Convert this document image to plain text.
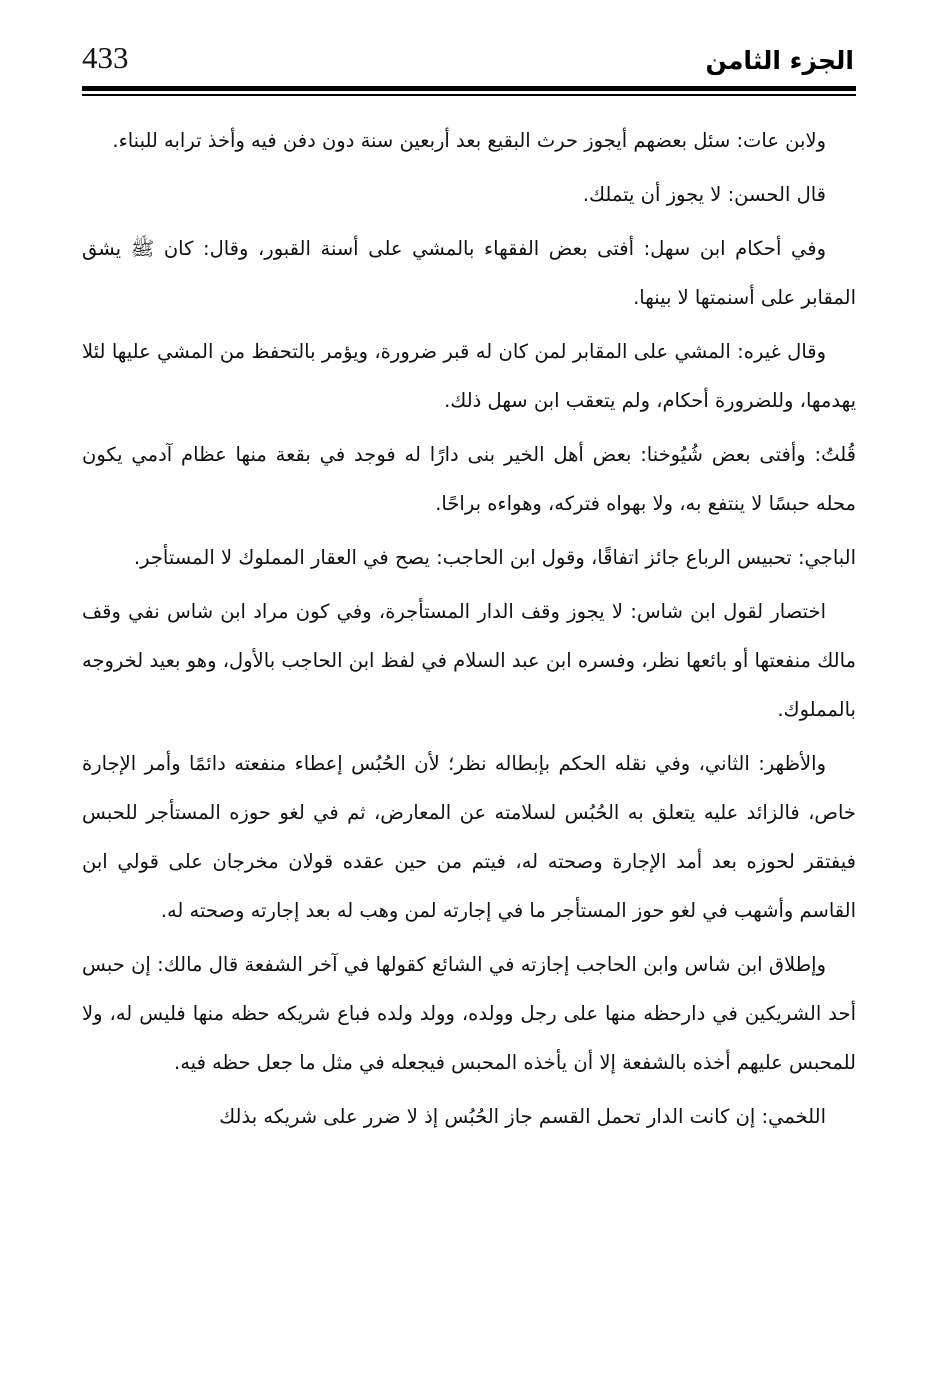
433	الجزء الثامن

ولابن عات: سئل بعضهم أيجوز حرث البقيع بعد أربعين سنة دون دفن فيه وأخذ ترابه للبناء.

قال الحسن: لا يجوز أن يتملك.

وفي أحكام ابن سهل: أفتى بعض الفقهاء بالمشي على أسنة القبور، وقال: كان ﷺ يشق المقابر على أسنمتها لا بينها.

وقال غيره: المشي على المقابر لمن كان له قبر ضرورة، ويؤمر بالتحفظ من المشي عليها لئلا يهدمها، وللضرورة أحكام، ولم يتعقب ابن سهل ذلك.

قُلتُ: وأفتى بعض شُيُوخنا: بعض أهل الخير بنى دارًا له فوجد في بقعة منها عظام آدمي يكون محله حبسًا لا ينتفع به، ولا بهواه فتركه، وهواءه براحًا.

الباجي: تحبيس الرباع جائز اتفاقًا، وقول ابن الحاجب: يصح في العقار المملوك لا المستأجر.

اختصار لقول ابن شاس: لا يجوز وقف الدار المستأجرة، وفي كون مراد ابن شاس نفي وقف مالك منفعتها أو بائعها نظر، وفسره ابن عبد السلام في لفظ ابن الحاجب بالأول، وهو بعيد لخروجه بالمملوك.

والأظهر: الثاني، وفي نقله الحكم بإبطاله نظر؛ لأن الحُبُس إعطاء منفعته دائمًا وأمر الإجارة خاص، فالزائد عليه يتعلق به الحُبُس لسلامته عن المعارض، ثم في لغو حوزه المستأجر للحبس فيفتقر لحوزه بعد أمد الإجارة وصحته له، فيتم من حين عقده قولان مخرجان على قولي ابن القاسم وأشهب في لغو حوز المستأجر ما في إجارته لمن وهب له بعد إجارته وصحته له.

وإطلاق ابن شاس وابن الحاجب إجازته في الشائع كقولها في آخر الشفعة قال مالك: إن حبس أحد الشريكين في دارحظه منها على رجل وولده، وولد ولده فباع شريكه حظه منها فليس له، ولا للمحبس عليهم أخذه بالشفعة إلا أن يأخذه المحبس فيجعله في مثل ما جعل حظه فيه.

اللخمي: إن كانت الدار تحمل القسم جاز الحُبُس إذ لا ضرر على شريكه بذلك
